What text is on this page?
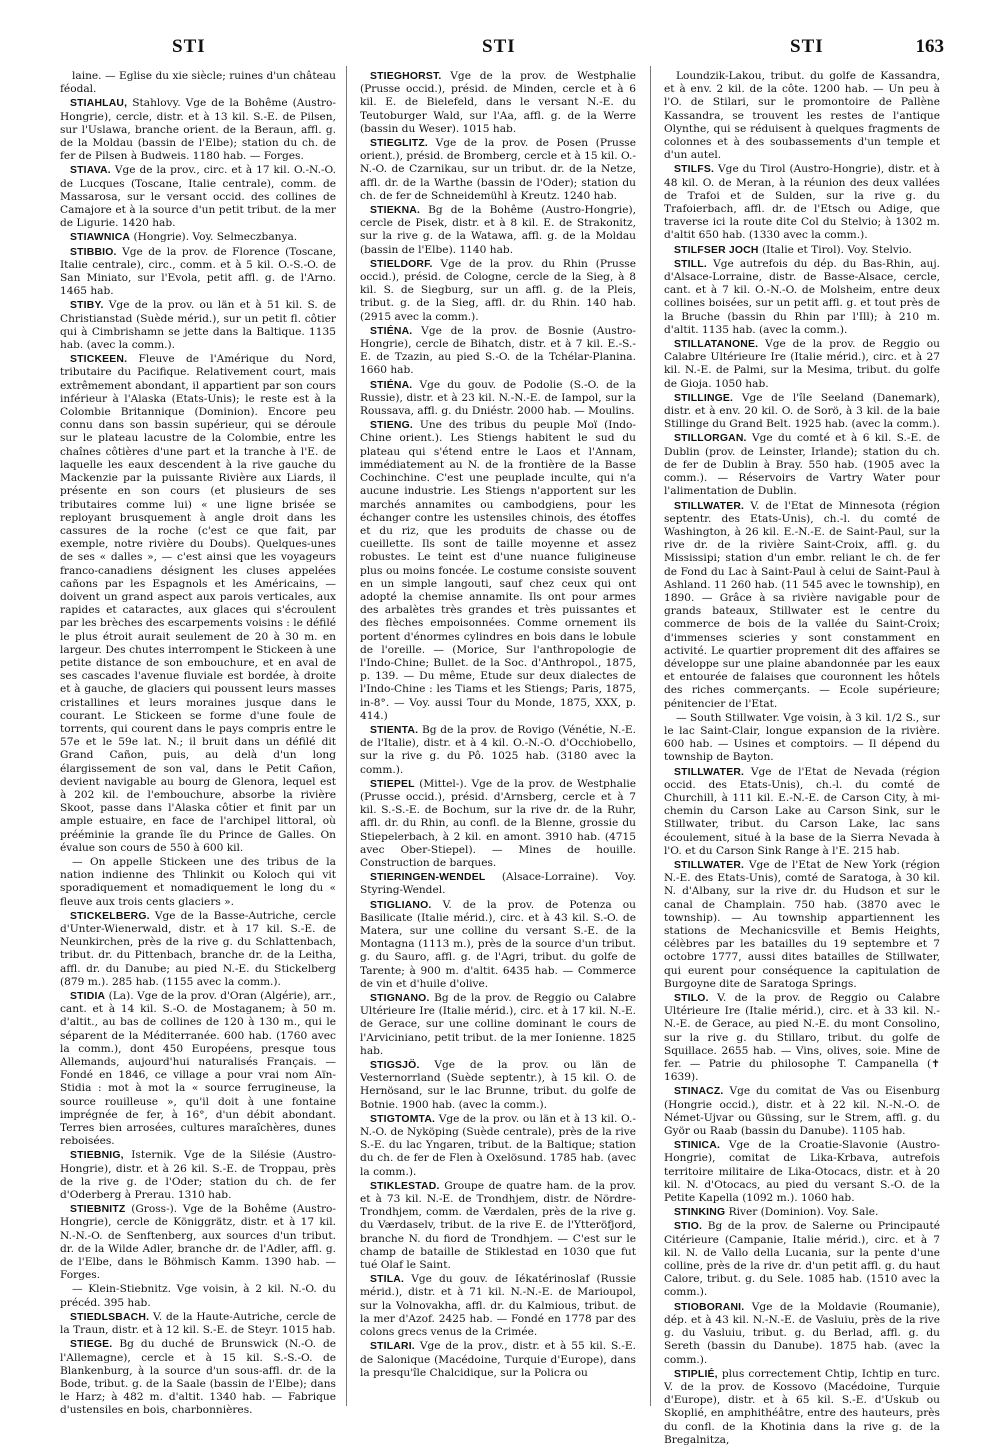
STI	STI	STI	163

laine. — Eglise du xie siècle; ruines d'un château féodal.

STIAHLAU, Stahlovy. Vge de la Bohême (Austro-Hongrie), cercle, distr. et à 13 kil. S.-E. de Pilsen, sur l'Uslawa, branche orient. de la Beraun, affl. g. de la Moldau (bassin de l'Elbe); station du ch. de fer de Pilsen à Budweis. 1180 hab. — Forges.

STIAVA. Vge de la prov., circ. et à 17 kil. O.-N.-O. de Lucques (Toscane, Italie centrale), comm. de Massarosa, sur le versant occid. des collines de Camajore et à la source d'un petit tribut. de la mer de Ligurie. 1420 hab.

STIAWNICA (Hongrie). Voy. Selmeczbanya.

STIBBIO. Vge de la prov. de Florence (Toscane, Italie centrale), circ., comm. et à 5 kil. O.-S.-O. de San Miniato, sur l'Evola, petit affl. g. de l'Arno. 1465 hab.

STIBY. Vge de la prov. ou län et à 51 kil. S. de Christianstad (Suède mérid.), sur un petit fl. côtier qui à Cimbrishamn se jette dans la Baltique. 1135 hab. (avec la comm.).

STICKEEN. Fleuve de l'Amérique du Nord, tributaire du Pacifique. Relativement court, mais extrêmement abondant, il appartient par son cours inférieur à l'Alaska (Etats-Unis); le reste est à la Colombie Britannique (Dominion). Encore peu connu dans son bassin supérieur, qui se déroule sur le plateau lacustre de la Colombie, entre les chaînes côtières d'une part et la tranche à l'E. de laquelle les eaux descendent à la rive gauche du Mackenzie par la puissante Rivière aux Liards, il présente en son cours (et plusieurs de ses tributaires comme lui) « une ligne brisée se reployant brusquement à angle droit dans les cassures de la roche (c'est ce que fait, par exemple, notre rivière du Doubs). Quelques-unes de ses « dalles », — c'est ainsi que les voyageurs franco-canadiens désignent les cluses appelées cañons par les Espagnols et les Américains, — doivent un grand aspect aux parois verticales, aux rapides et cataractes, aux glaces qui s'écroulent par les brèches des escarpements voisins : le défilé le plus étroit aurait seulement de 20 à 30 m. en largeur. Des chutes interrompent le Stickeen à une petite distance de son embouchure, et en aval de ses cascades l'avenue fluviale est bordée, à droite et à gauche, de glaciers qui poussent leurs masses cristallines et leurs moraines jusque dans le courant. Le Stickeen se forme d'une foule de torrents, qui courent dans le pays compris entre le 57e et le 59e lat. N.; il bruit dans un défilé dit Grand Cañon, puis, au delà d'un long élargissement de son val, dans le Petit Cañon, devient navigable au bourg de Glenora, lequel est à 202 kil. de l'embouchure, absorbe la rivière Skoot, passe dans l'Alaska côtier et finit par un ample estuaire, en face de l'archipel littoral, où prééminie la grande île du Prince de Galles. On évalue son cours de 550 à 600 kil.

— On appelle Stickeen une des tribus de la nation indienne des Thlinkit ou Koloch qui vit sporadiquement et nomadiquement le long du « fleuve aux trois cents glaciers ».

STICKELBERG. Vge de la Basse-Autriche, cercle d'Unter-Wienerwald, distr. et à 17 kil. S.-E. de Neunkirchen, près de la rive g. du Schlattenbach, tribut. dr. du Pittenbach, branche dr. de la Leitha, affl. dr. du Danube; au pied N.-E. du Stickelberg (879 m.). 285 hab. (1155 avec la comm.).

STIDIA (La). Vge de la prov. d'Oran (Algérie), arr., cant. et à 14 kil. S.-O. de Mostaganem; à 50 m. d'altit., au bas de collines de 120 à 130 m., qui le séparent de la Méditerranée. 600 hab. (1760 avec la comm.), dont 450 Européens, presque tous Allemands, aujourd'hui naturalisés Français. — Fondé en 1846, ce village a pour vrai nom Aïn-Stidia : mot à mot la « source ferrugineuse, la source rouilleuse », qu'il doit à une fontaine imprégnée de fer, à 16°, d'un débit abondant. Terres bien arrosées, cultures maraîchères, dunes reboisées.

STIEBNIG, Isternik. Vge de la Silésie (Austro-Hongrie), distr. et à 26 kil. S.-E. de Troppau, près de la rive g. de l'Oder; station du ch. de fer d'Oderberg à Prerau. 1310 hab.

STIEBNITZ (Gross-). Vge de la Bohême (Austro-Hongrie), cercle de Königgrätz, distr. et à 17 kil. N.-N.-O. de Senftenberg, aux sources d'un tribut. dr. de la Wilde Adler, branche dr. de l'Adler, affl. g. de l'Elbe, dans le Böhmisch Kamm. 1390 hab. — Forges.

— Klein-Stiebnitz. Vge voisin, à 2 kil. N.-O. du précéd. 395 hab.

STIEDLSBACH. V. de la Haute-Autriche, cercle de la Traun, distr. et à 12 kil. S.-E. de Steyr. 1015 hab.

STIEGE. Bg du duché de Brunswick (N.-O. de l'Allemagne), cercle et à 15 kil. S.-S.-O. de Blankenburg, à la source d'un sous-affl. dr. de la Bode, tribut. g. de la Saale (bassin de l'Elbe); dans le Harz; à 482 m. d'altit. 1340 hab. — Fabrique d'ustensiles en bois, charbonnières.

STIEGHORST. Vge de la prov. de Westphalie (Prusse occid.), présid. de Minden, cercle et à 6 kil. E. de Bielefeld, dans le versant N.-E. du Teutoburger Wald, sur l'Aa, affl. g. de la Werre (bassin du Weser). 1015 hab.

STIEGLITZ. Vge de la prov. de Posen (Prusse orient.), présid. de Bromberg, cercle et à 15 kil. O.-N.-O. de Czarnikau, sur un tribut. dr. de la Netze, affl. dr. de la Warthe (bassin de l'Oder); station du ch. de fer de Schneidemühl à Kreutz. 1240 hab.

STIEKNA. Bg de la Bohême (Austro-Hongrie), cercle de Pisek, distr. et à 8 kil. E. de Strakonitz, sur la rive g. de la Watawa, affl. g. de la Moldau (bassin de l'Elbe). 1140 hab.

STIELDORF. Vge de la prov. du Rhin (Prusse occid.), présid. de Cologne, cercle de la Sieg, à 8 kil. S. de Siegburg, sur un affl. g. de la Pleis, tribut. g. de la Sieg, affl. dr. du Rhin. 140 hab. (2915 avec la comm.).

STIÉNA. Vge de la prov. de Bosnie (Austro-Hongrie), cercle de Bihatch, distr. et à 7 kil. E.-S.-E. de Tzazin, au pied S.-O. de la Tchélar-Planina. 1660 hab.

STIÉNA. Vge du gouv. de Podolie (S.-O. de la Russie), distr. et à 23 kil. N.-N.-E. de Iampol, sur la Roussava, affl. g. du Dniéstr. 2000 hab. — Moulins.

STIENG. Une des tribus du peuple Moï (Indo-Chine orient.). Les Stiengs habitent le sud du plateau qui s'étend entre le Laos et l'Annam, immédiatement au N. de la frontière de la Basse Cochinchine. C'est une peuplade inculte, qui n'a aucune industrie. Les Stiengs n'apportent sur les marchés annamites ou cambodgiens, pour les échanger contre les ustensiles chinois, des étoffes et du riz, que les produits de chasse ou de cueillette. Ils sont de taille moyenne et assez robustes. Le teint est d'une nuance fuligineuse plus ou moins foncée. Le costume consiste souvent en un simple langouti, sauf chez ceux qui ont adopté la chemise annamite. Ils ont pour armes des arbalètes très grandes et très puissantes et des flèches empoisonnées. Comme ornement ils portent d'énormes cylindres en bois dans le lobule de l'oreille. — (Morice, Sur l'anthropologie de l'Indo-Chine; Bullet. de la Soc. d'Anthropol., 1875, p. 139. — Du même, Etude sur deux dialectes de l'Indo-Chine : les Tiams et les Stiengs; Paris, 1875, in-8°. — Voy. aussi Tour du Monde, 1875, XXX, p. 414.)

STIENTA. Bg de la prov. de Rovigo (Vénétie, N.-E. de l'Italie), distr. et à 4 kil. O.-N.-O. d'Occhiobello, sur la rive g. du Pô. 1025 hab. (3180 avec la comm.).

STIEPEL (Mittel-). Vge de la prov. de Westphalie (Prusse occid.), présid. d'Arnsberg, cercle et à 7 kil. S.-S.-E. de Bochum, sur la rive dr. de la Ruhr, affl. dr. du Rhin, au confl. de la Blenne, grossie du Stiepelerbach, à 2 kil. en amont. 3910 hab. (4715 avec Ober-Stiepel). — Mines de houille. Construction de barques.

STIERINGEN-WENDEL (Alsace-Lorraine). Voy. Styring-Wendel.

STIGLIANO. V. de la prov. de Potenza ou Basilicate (Italie mérid.), circ. et à 43 kil. S.-O. de Matera, sur une colline du versant S.-E. de la Montagna (1113 m.), près de la source d'un tribut. g. du Sauro, affl. g. de l'Agri, tribut. du golfe de Tarente; à 900 m. d'altit. 6435 hab. — Commerce de vin et d'huile d'olive.

STIGNANO. Bg de la prov. de Reggio ou Calabre Ultérieure Ire (Italie mérid.), circ. et à 17 kil. N.-E. de Gerace, sur une colline dominant le cours de l'Arviciniano, petit tribut. de la mer Ionienne. 1825 hab.

STIGSJÖ. Vge de la prov. ou län de Vesternorrland (Suède septentr.), à 15 kil. O. de Hernösand, sur le lac Brunne, tribut. du golfe de Botnie. 1900 hab. (avec la comm.).

STIGTOMTA. Vge de la prov. ou län et à 13 kil. O.-N.-O. de Nyköping (Suède centrale), près de la rive S.-E. du lac Yngaren, tribut. de la Baltique; station du ch. de fer de Flen à Oxelösund. 1785 hab. (avec la comm.).

STIKLESTAD. Groupe de quatre ham. de la prov. et à 73 kil. N.-E. de Trondhjem, distr. de Nördre-Trondhjem, comm. de Værdalen, près de la rive g. du Værdaselv, tribut. de la rive E. de l'Ytteröfjord, branche N. du fiord de Trondhjem. — C'est sur le champ de bataille de Stiklestad en 1030 que fut tué Olaf le Saint.

STILA. Vge du gouv. de Iékatérinoslaf (Russie mérid.), distr. et à 71 kil. N.-N.-E. de Marioupol, sur la Volnovakha, affl. dr. du Kalmious, tribut. de la mer d'Azof. 2425 hab. — Fondé en 1778 par des colons grecs venus de la Crimée.

STILARI. Vge de la prov., distr. et à 55 kil. S.-E. de Salonique (Macédoine, Turquie d'Europe), dans la presqu'île Chalcidique, sur la Policra ou

Loundzik-Lakou, tribut. du golfe de Kassandra, et à env. 2 kil. de la côte. 1200 hab. — Un peu à l'O. de Stilari, sur le promontoire de Pallène Kassandra, se trouvent les restes de l'antique Olynthe, qui se réduisent à quelques fragments de colonnes et à des soubassements d'un temple et d'un autel.

STILFS. Vge du Tirol (Austro-Hongrie), distr. et à 48 kil. O. de Meran, à la réunion des deux vallées de Trafoi et de Sulden, sur la rive g. du Trafoierbach, affl. dr. de l'Etsch ou Adige, que traverse ici la route dite Col du Stelvio; à 1302 m. d'altit 650 hab. (1330 avec la comm.).

STILFSER JOCH (Italie et Tirol). Voy. Stelvio.

STILL. Vge autrefois du dép. du Bas-Rhin, auj. d'Alsace-Lorraine, distr. de Basse-Alsace, cercle, cant. et à 7 kil. O.-N.-O. de Molsheim, entre deux collines boisées, sur un petit affl. g. et tout près de la Bruche (bassin du Rhin par l'Ill); à 210 m. d'altit. 1135 hab. (avec la comm.).

STILLATANONE. Vge de la prov. de Reggio ou Calabre Ultérieure Ire (Italie mérid.), circ. et à 27 kil. N.-E. de Palmi, sur la Mesima, tribut. du golfe de Gioja. 1050 hab.

STILLINGE. Vge de l'île Seeland (Danemark), distr. et à env. 20 kil. O. de Sorö, à 3 kil. de la baie Stillinge du Grand Belt. 1925 hab. (avec la comm.).

STILLORGAN. Vge du comté et à 6 kil. S.-E. de Dublin (prov. de Leinster, Irlande); station du ch. de fer de Dublin à Bray. 550 hab. (1905 avec la comm.). — Réservoirs de Vartry Water pour l'alimentation de Dublin.

STILLWATER. V. de l'Etat de Minnesota (région septentr. des Etats-Unis), ch.-l. du comté de Washington, à 26 kil. E.-N.-E. de Saint-Paul, sur la rive dr. de la rivière Saint-Croix, affl. g. du Mississipi; station d'un embr. reliant le ch. de fer de Fond du Lac à Saint-Paul à celui de Saint-Paul à Ashland. 11 260 hab. (11 545 avec le township), en 1890. — Grâce à sa rivière navigable pour de grands bateaux, Stillwater est le centre du commerce de bois de la vallée du Saint-Croix; d'immenses scieries y sont constamment en activité. Le quartier proprement dit des affaires se développe sur une plaine abandonnée par les eaux et entourée de falaises que couronnent les hôtels des riches commerçants. — Ecole supérieure; pénitencier de l'Etat.

— South Stillwater. Vge voisin, à 3 kil. 1/2 S., sur le lac Saint-Clair, longue expansion de la rivière. 600 hab. — Usines et comptoirs. — Il dépend du township de Bayton.

STILLWATER. Vge de l'Etat de Nevada (région occid. des Etats-Unis), ch.-l. du comté de Churchill, à 111 kil. E.-N.-E. de Carson City, à mi-chemin du Carson Lake au Carson Sink, sur le Stillwater, tribut. du Carson Lake, lac sans écoulement, situé à la base de la Sierra Nevada à l'O. et du Carson Sink Range à l'E. 215 hab.

STILLWATER. Vge de l'Etat de New York (région N.-E. des Etats-Unis), comté de Saratoga, à 30 kil. N. d'Albany, sur la rive dr. du Hudson et sur le canal de Champlain. 750 hab. (3870 avec le township). — Au township appartiennent les stations de Mechanicsville et Bemis Heights, célèbres par les batailles du 19 septembre et 7 octobre 1777, aussi dites batailles de Stillwater, qui eurent pour conséquence la capitulation de Burgoyne dite de Saratoga Springs.

STILO. V. de la prov. de Reggio ou Calabre Ultérieure Ire (Italie mérid.), circ. et à 33 kil. N.-N.-E. de Gerace, au pied N.-E. du mont Consolino, sur la rive g. du Stillaro, tribut. du golfe de Squillace. 2655 hab. — Vins, olives, soie. Mine de fer. — Patrie du philosophe T. Campanella (✝ 1639).

STINACZ. Vge du comitat de Vas ou Eisenburg (Hongrie occid.), distr. et à 22 kil. N.-N.-O. de Német-Ujvar ou Güssing, sur le Strem, affl. g. du Györ ou Raab (bassin du Danube). 1105 hab.

STINICA. Vge de la Croatie-Slavonie (Austro-Hongrie), comitat de Lika-Krbava, autrefois territoire militaire de Lika-Otocacs, distr. et à 20 kil. N. d'Otocacs, au pied du versant S.-O. de la Petite Kapella (1092 m.). 1060 hab.

STINKING River (Dominion). Voy. Sale.

STIO. Bg de la prov. de Salerne ou Principauté Citérieure (Campanie, Italie mérid.), circ. et à 7 kil. N. de Vallo della Lucania, sur la pente d'une colline, près de la rive dr. d'un petit affl. g. du haut Calore, tribut. g. du Sele. 1085 hab. (1510 avec la comm.).

STIOBORANI. Vge de la Moldavie (Roumanie), dép. et à 43 kil. N.-N.-E. de Vasluiu, près de la rive g. du Vasluiu, tribut. g. du Berlad, affl. g. du Sereth (bassin du Danube). 1875 hab. (avec la comm.).

STIPLIÉ, plus correctement Chtip, Ichtip en turc. V. de la prov. de Kossovo (Macédoine, Turquie d'Europe), distr. et à 65 kil. S.-E. d'Uskub ou Skoplié, en amphithéâtre, entre des hauteurs, près du confl. de la Khotinia dans la rive g. de la Bregalnitza,
